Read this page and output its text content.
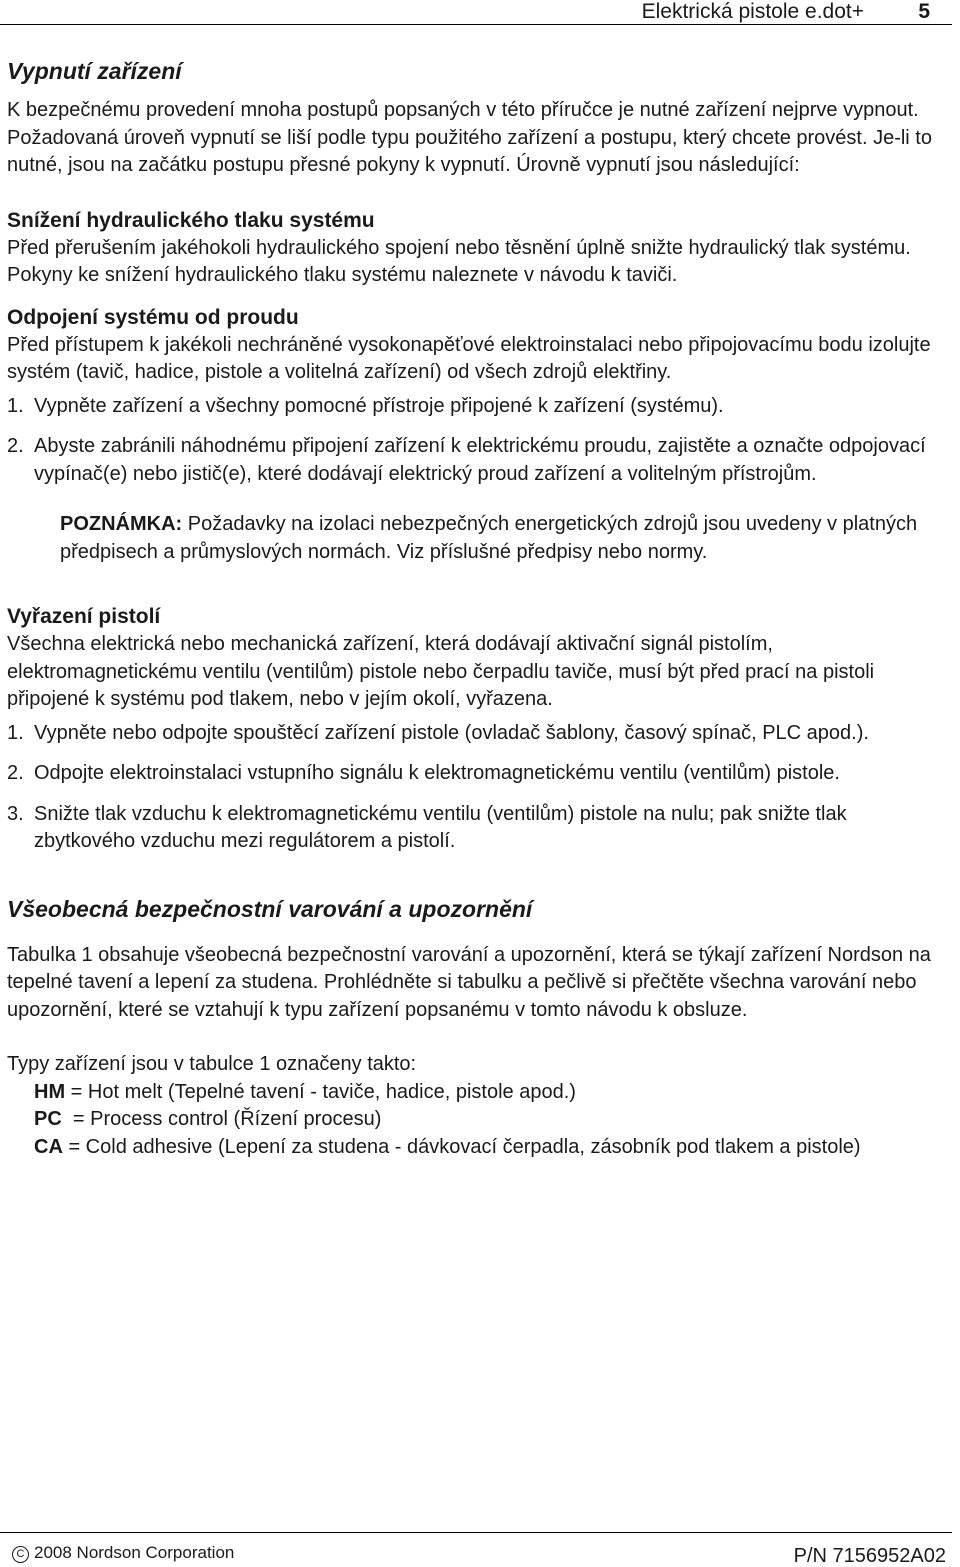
Elektrická pistole e.dot+	5
Vypnutí zařízení

K bezpečnému provedení mnoha postupů popsaných v této příručce je nutné zařízení nejprve vypnout. Požadovaná úroveň vypnutí se liší podle typu použitého zařízení a postupu, který chcete provést. Je-li to nutné, jsou na začátku postupu přesné pokyny k vypnutí. Úrovně vypnutí jsou následující:

Snížení hydraulického tlaku systému

Před přerušením jakéhokoli hydraulického spojení nebo těsnění úplně snižte hydraulický tlak systému. Pokyny ke snížení hydraulického tlaku systému naleznete v návodu k taviči.

Odpojení systému od proudu

Před přístupem k jakékoli nechráněné vysokonapěťové elektroinstalaci nebo připojovacímu bodu izolujte systém (tavič, hadice, pistole a volitelná zařízení) od všech zdrojů elektřiny.

1. Vypněte zařízení a všechny pomocné přístroje připojené k zařízení (systému).
2. Abyste zabránili náhodnému připojení zařízení k elektrickému proudu, zajistěte a označte odpojovací vypínač(e) nebo jistič(e), které dodávají elektrický proud zařízení a volitelným přístrojům.
POZNÁMKA: Požadavky na izolaci nebezpečných energetických zdrojů jsou uvedeny v platných předpisech a průmyslových normách. Viz příslušné předpisy nebo normy.
Vyřazení pistolí

Všechna elektrická nebo mechanická zařízení, která dodávají aktivační signál pistolím, elektromagnetickému ventilu (ventilům) pistole nebo čerpadlu taviče, musí být před prací na pistoli připojené k systému pod tlakem, nebo v jejím okolí, vyřazena.

1. Vypněte nebo odpojte spouštěcí zařízení pistole (ovladač šablony, časový spínač, PLC apod.).
2. Odpojte elektroinstalaci vstupního signálu k elektromagnetickému ventilu (ventilům) pistole.
3. Snižte tlak vzduchu k elektromagnetickému ventilu (ventilům) pistole na nulu; pak snižte tlak zbytkového vzduchu mezi regulátorem a pistolí.
Všeobecná bezpečnostní varování a upozornění

Tabulka 1 obsahuje všeobecná bezpečnostní varování a upozornění, která se týkají zařízení Nordson na tepelné tavení a lepení za studena. Prohlédněte si tabulku a pečlivě si přečtěte všechna varování nebo upozornění, které se vztahují k typu zařízení popsanému v tomto návodu k obsluze.

Typy zařízení jsou v tabulce 1 označeny takto:

HM = Hot melt (Tepelné tavení - taviče, hadice, pistole apod.)
PC  = Process control (Řízení procesu)
CA = Cold adhesive (Lepení za studena - dávkovací čerpadla, zásobník pod tlakem a pistole)
C 2008 Nordson Corporation	P/N 7156952A02
